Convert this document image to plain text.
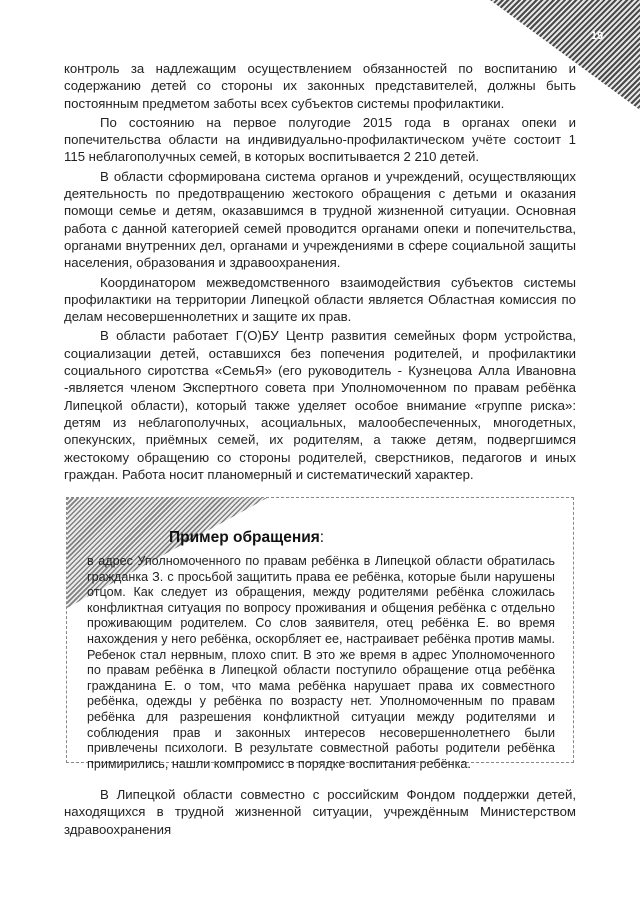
19

контроль за надлежащим осуществлением обязанностей по воспитанию и содержанию детей со стороны их законных представителей, должны быть постоянным предметом заботы всех субъектов системы профилактики.

По состоянию на первое полугодие 2015 года в органах опеки и попечительства области на индивидуально-профилактическом учёте состоит 1 115 неблагополучных семей, в которых воспитывается 2 210 детей.

В области сформирована система органов и учреждений, осуществляющих деятельность по предотвращению жестокого обращения с детьми и оказания помощи семье и детям, оказавшимся в трудной жизненной ситуации. Основная работа с данной категорией семей проводится органами опеки и попечительства, органами внутренних дел, органами и учреждениями в сфере социальной защиты населения, образования и здравоохранения.

Координатором межведомственного взаимодействия субъектов системы профилактики на территории Липецкой области является Областная комиссия по делам несовершеннолетних и защите их прав.

В области работает Г(О)БУ Центр развития семейных форм устройства, социализации детей, оставшихся без попечения родителей, и профилактики социального сиротства «СемьЯ» (его руководитель - Кузнецова Алла Ивановна -является членом Экспертного совета при Уполномоченном по правам ребёнка Липецкой области), который также уделяет особое внимание «группе риска»: детям из неблагополучных, асоциальных, малообеспеченных, многодетных, опекунских, приёмных семей, их родителям, а также детям, подвергшимся жестокому обращению со стороны родителей, сверстников, педагогов и иных граждан. Работа носит планомерный и систематический характер.

Пример обращения:

в адрес Уполномоченного по правам ребёнка в Липецкой области обратилась гражданка З. с просьбой защитить права ее ребёнка, которые были нарушены отцом. Как следует из обращения, между родителями ребёнка сложилась конфликтная ситуация по вопросу проживания и общения ребёнка с отдельно проживающим родителем. Со слов заявителя, отец ребёнка Е. во время нахождения у него ребёнка, оскорбляет ее, настраивает ребёнка против мамы. Ребенок стал нервным, плохо спит. В это же время в адрес Уполномоченного по правам ребёнка в Липецкой области поступило обращение отца ребёнка гражданина Е. о том, что мама ребёнка нарушает права их совместного ребёнка, одежды у ребёнка по возрасту нет. Уполномоченным по правам ребёнка для разрешения конфликтной ситуации между родителями и соблюдения прав и законных интересов несовершеннолетнего были привлечены психологи. В результате совместной работы родители ребёнка примирились, нашли компромисс в порядке воспитания ребёнка.

В Липецкой области совместно с российским Фондом поддержки детей, находящихся в трудной жизненной ситуации, учреждённым Министерством здравоохранения
